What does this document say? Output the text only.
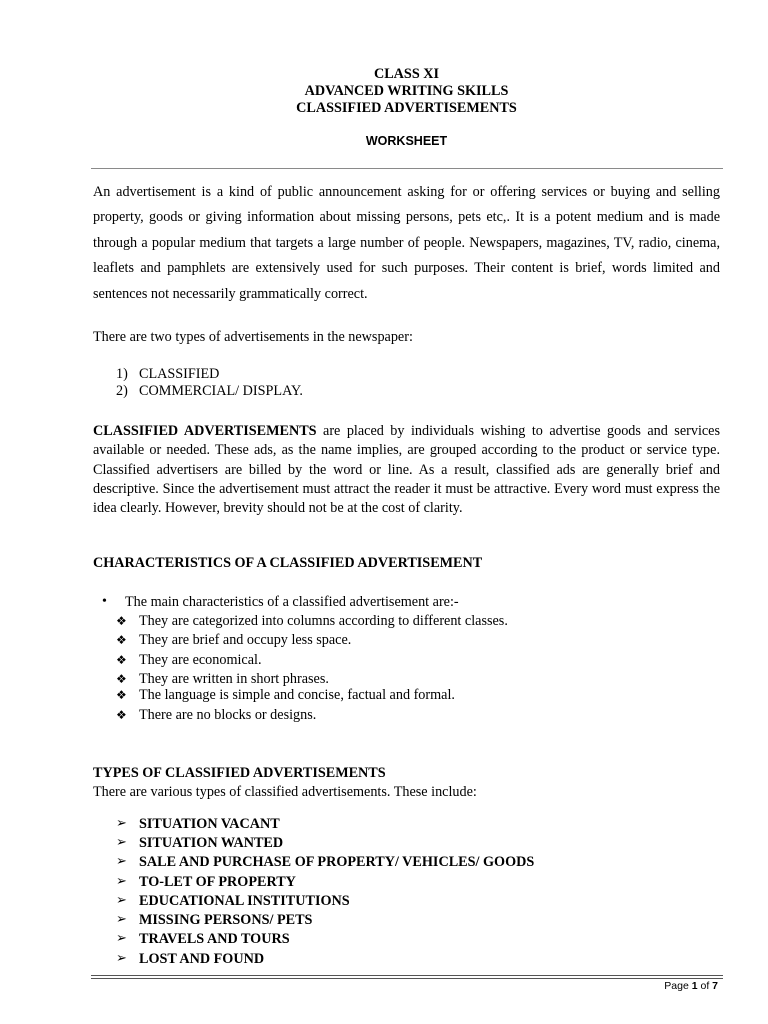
CLASS XI
ADVANCED WRITING SKILLS
CLASSIFIED ADVERTISEMENTS
WORKSHEET

An advertisement is a kind of public announcement asking for or offering services or buying and selling property, goods or giving information about missing persons, pets etc,. It is a potent medium and is made through a popular medium that targets a large number of people. Newspapers, magazines, TV, radio, cinema, leaflets and pamphlets are extensively used for such purposes. Their content is brief, words limited and sentences not necessarily grammatically correct.

There are two types of advertisements in the newspaper:

1) CLASSIFIED
2) COMMERCIAL/ DISPLAY.

CLASSIFIED ADVERTISEMENTS are placed by individuals wishing to advertise goods and services available or needed. These ads, as the name implies, are grouped according to the product or service type. Classified advertisers are billed by the word or line. As a result, classified ads are generally brief and descriptive. Since the advertisement must attract the reader it must be attractive. Every word must express the idea clearly. However, brevity should not be at the cost of clarity.

CHARACTERISTICS OF A CLASSIFIED ADVERTISEMENT
•	The main characteristics of a classified advertisement are:-
❖ They are categorized into columns according to different classes.
❖ They are brief and occupy less space.
❖ They are economical.
❖ They are written in short phrases.
❖ The language is simple and concise, factual and formal.
❖ There are no blocks or designs.
TYPES OF CLASSIFIED ADVERTISEMENTS
There are various types of classified advertisements. These include:
➢ SITUATION VACANT
➢ SITUATION WANTED
➢ SALE AND PURCHASE OF PROPERTY/ VEHICLES/ GOODS
➢ TO-LET OF PROPERTY
➢ EDUCATIONAL INSTITUTIONS
➢ MISSING PERSONS/ PETS
➢ TRAVELS AND TOURS
➢ LOST AND FOUND
Page 1 of 7
